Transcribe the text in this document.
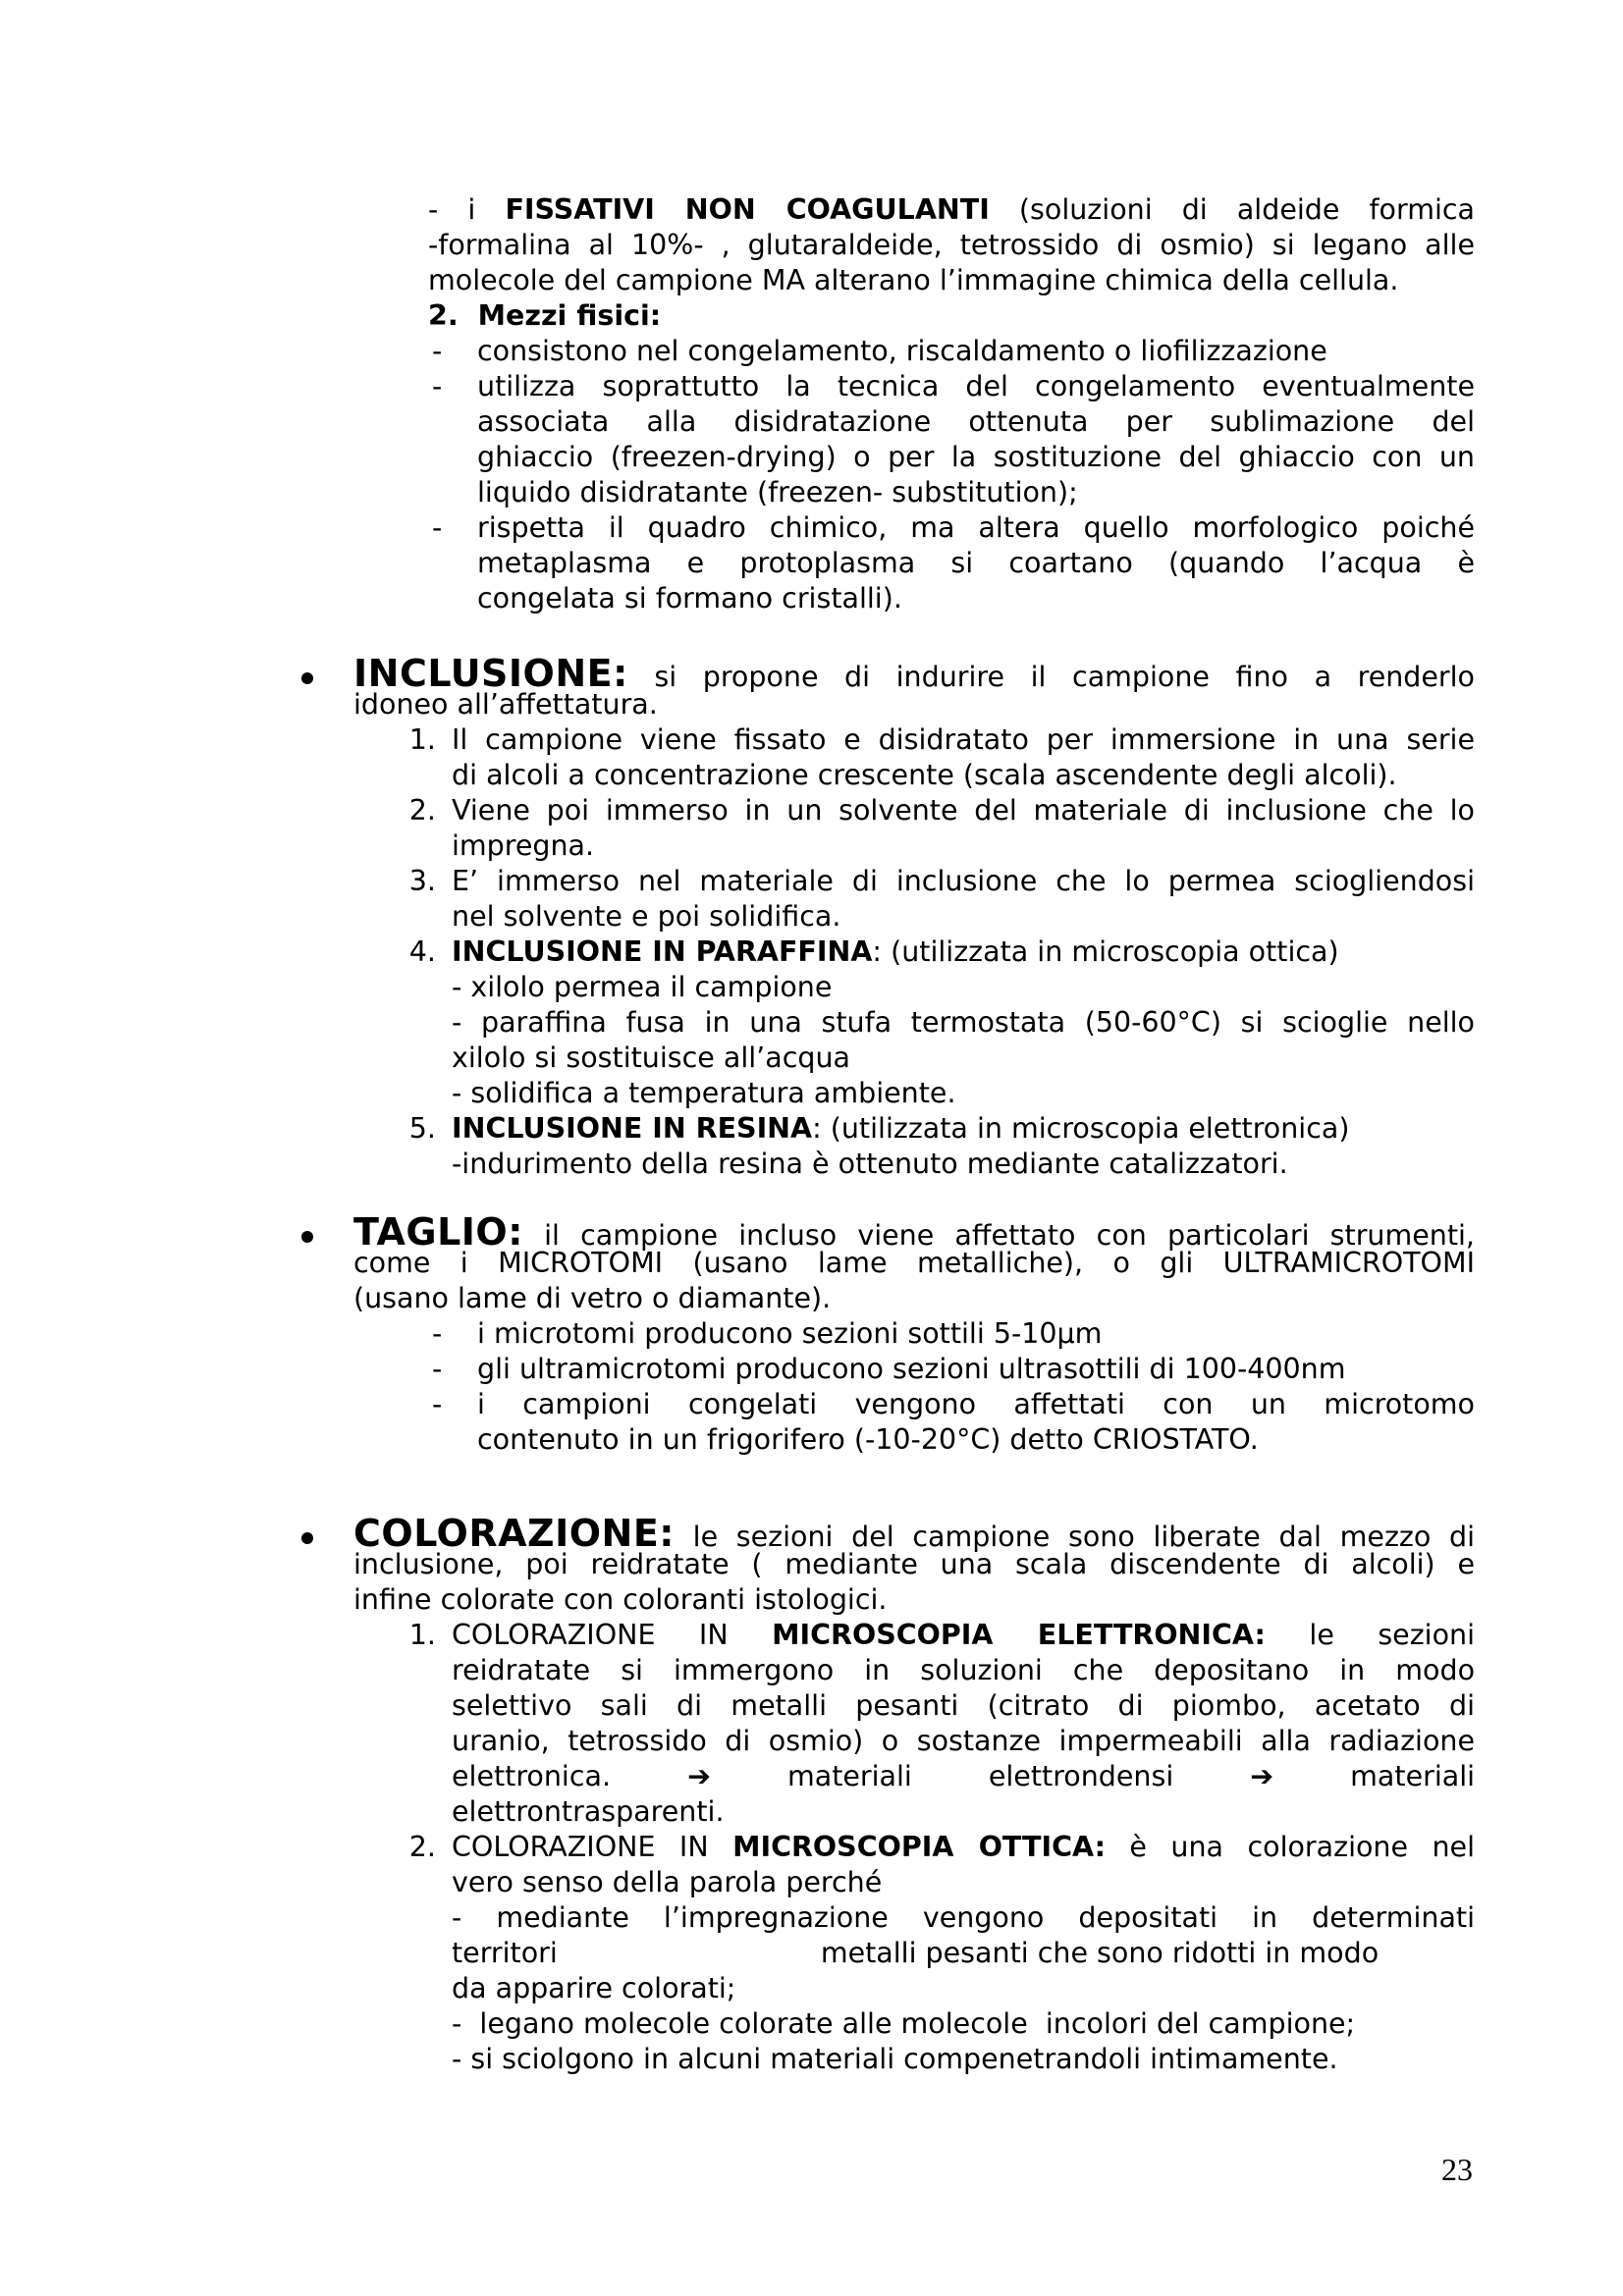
- i FISSATIVI NON COAGULANTI (soluzioni di aldeide formica
-formalina al 10%- , glutaraldeide, tetrossido di osmio) si legano alle
molecole del campione MA alterano l’immagine chimica della cellula.
2. Mezzi fisici:
- consistono nel congelamento, riscaldamento o liofilizzazione
- utilizza soprattutto la tecnica del congelamento eventualmente
associata alla disidratazione ottenuta per sublimazione del
ghiaccio (freezen-drying) o per la sostituzione del ghiaccio con un
liquido disidratante (freezen- substitution);
- rispetta il quadro chimico, ma altera quello morfologico poiché
metaplasma e protoplasma si coartano (quando l’acqua è
congelata si formano cristalli).
INCLUSIONE: si propone di indurire il campione fino a renderlo
idoneo all’affettatura.
1. Il campione viene fissato e disidratato per immersione in una serie
di alcoli a concentrazione crescente (scala ascendente degli alcoli).
2. Viene poi immerso in un solvente del materiale di inclusione che lo
impregna.
3. E’ immerso nel materiale di inclusione che lo permea sciogliendosi
nel solvente e poi solidifica.
4. INCLUSIONE IN PARAFFINA: (utilizzata in microscopia ottica)
- xilolo permea il campione
- paraffina fusa in una stufa termostata (50-60°C) si scioglie nello
xilolo si sostituisce all’acqua
- solidifica a temperatura ambiente.
5. INCLUSIONE IN RESINA: (utilizzata in microscopia elettronica)
-indurimento della resina è ottenuto mediante catalizzatori.
TAGLIO: il campione incluso viene affettato con particolari strumenti,
come i MICROTOMI (usano lame metalliche), o gli ULTRAMICROTOMI
(usano lame di vetro o diamante).
- i microtomi producono sezioni sottili 5-10µm
- gli ultramicrotomi producono sezioni ultrasottili di 100-400nm
- i campioni congelati vengono affettati con un microtomo
contenuto in un frigorifero (-10-20°C) detto CRIOSTATO.
COLORAZIONE: le sezioni del campione sono liberate dal mezzo di
inclusione, poi reidratate ( mediante una scala discendente di alcoli) e
infine colorate con coloranti istologici.
1. COLORAZIONE IN MICROSCOPIA ELETTRONICA: le sezioni
reidratate si immergono in soluzioni che depositano in modo
selettivo sali di metalli pesanti (citrato di piombo, acetato di
uranio, tetrossido di osmio) o sostanze impermeabili alla radiazione
elettronica.	➔	materiali	elettrondensi	➔	materiali
elettrontrasparenti.
2. COLORAZIONE IN MICROSCOPIA OTTICA: è una colorazione nel
vero senso della parola perché
- mediante l’impregnazione vengono depositati in determinati
territori	metalli pesanti che sono ridotti in modo
da apparire colorati;
-  legano molecole colorate alle molecole  incolori del campione;
- si sciolgono in alcuni materiali compenetrandoli intimamente.
23
